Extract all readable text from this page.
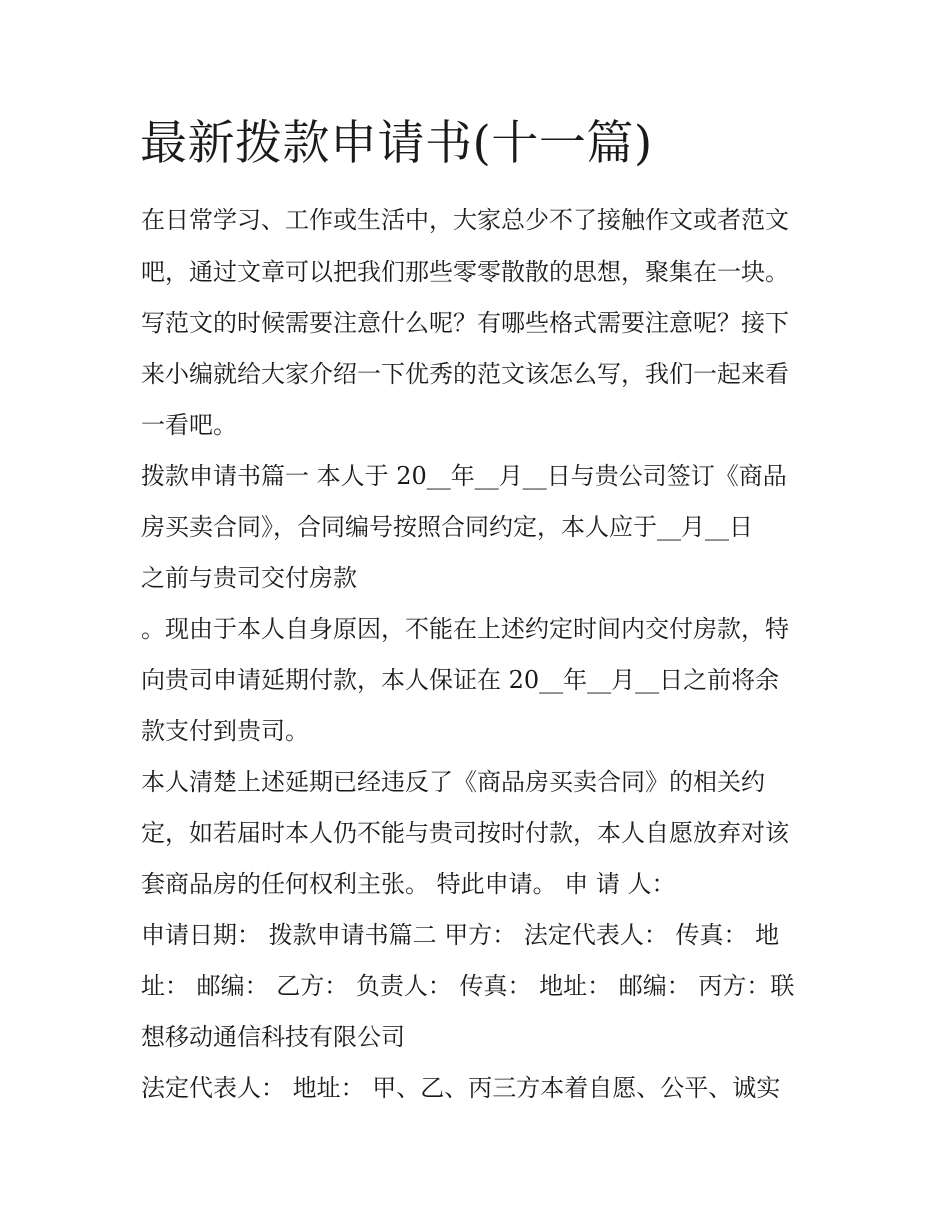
最新拨款申请书(十一篇)

在日常学习、工作或生活中，大家总少不了接触作文或者范文

吧，通过文章可以把我们那些零零散散的思想，聚集在一块。

写范文的时候需要注意什么呢？有哪些格式需要注意呢？接下

来小编就给大家介绍一下优秀的范文该怎么写，我们一起来看

一看吧。

拨款申请书篇一 本人于 20__年__月__日与贵公司签订《商品

房买卖合同》，合同编号按照合同约定，本人应于__月__日

之前与贵司交付房款

。现由于本人自身原因，不能在上述约定时间内交付房款，特

向贵司申请延期付款，本人保证在 20__年__月__日之前将余

款支付到贵司。

本人清楚上述延期已经违反了《商品房买卖合同》的相关约

定，如若届时本人仍不能与贵司按时付款，本人自愿放弃对该

套商品房的任何权利主张。 特此申请。 申 请 人：

申请日期： 拨款申请书篇二 甲方： 法定代表人： 传真： 地

址： 邮编： 乙方： 负责人： 传真： 地址： 邮编： 丙方：联

想移动通信科技有限公司

法定代表人： 地址： 甲、乙、丙三方本着自愿、公平、诚实
